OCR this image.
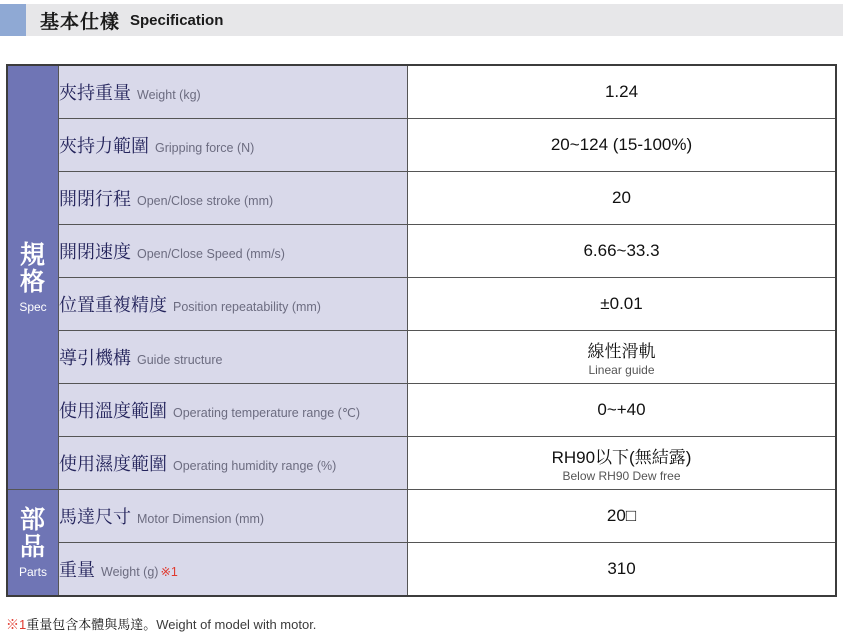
基本仕樣 Specification
規格
Spec	夾持重量 Weight (kg)	1.24

	夾持力範圍 Gripping force (N)	20~124 (15-100%)

	開閉行程 Open/Close stroke (mm)	20

	開閉速度 Open/Close Speed (mm/s)	6.66~33.3

	位置重複精度 Position repeatability (mm)	±0.01

	導引機構 Guide structure	線性滑軌
Linear guide

	使用溫度範圍 Operating temperature range (℃)	0~+40

	使用濕度範圍 Operating humidity range (%)	RH90以下(無結露)
Below RH90 Dew free

部品
Parts	馬達尺寸 Motor Dimension (mm)	20□

	重量 Weight (g) ※1	310
※1重量包含本體與馬達。Weight of model with motor.
